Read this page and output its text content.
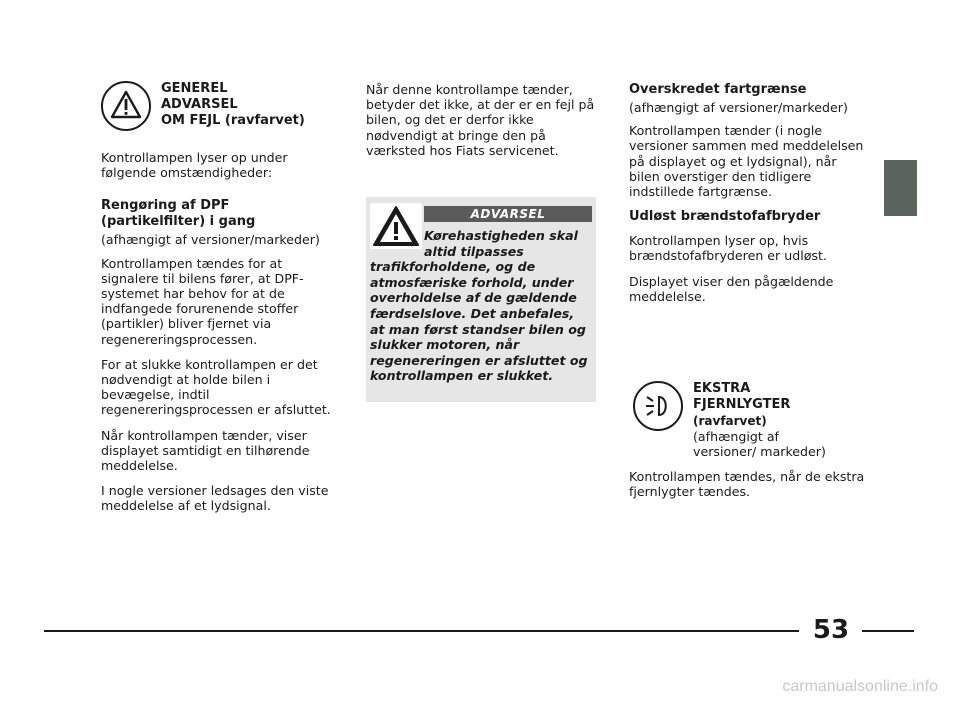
GENEREL
ADVARSEL
OM FEJL (ravfarvet)

Kontrollampen lyser op under følgende omstændigheder:

Rengøring af DPF (partikelfilter) i gang

(afhængigt af versioner/markeder)

Kontrollampen tændes for at signalere til bilens fører, at DPF-systemet har behov for at de indfangede forurenende stoffer (partikler) bliver fjernet via regenereringsprocessen.

For at slukke kontrollampen er det nødvendigt at holde bilen i bevægelse, indtil regenereringsprocessen er afsluttet.

Når kontrollampen tænder, viser displayet samtidigt en tilhørende meddelelse.

I nogle versioner ledsages den viste meddelelse af et lydsignal.

Når denne kontrollampe tænder, betyder det ikke, at der er en fejl på bilen, og det er derfor ikke nødvendigt at bringe den på værksted hos Fiats servicenet.

ADVARSEL
Kørehastigheden skal altid tilpasses
trafikforholdene, og de atmosfæriske forhold, under overholdelse af de gældende færdselslove. Det anbefales, at man først standser bilen og slukker motoren, når regenereringen er afsluttet og kontrollampen er slukket.
Overskredet fartgrænse

(afhængigt af versioner/markeder)

Kontrollampen tænder (i nogle versioner sammen med meddelelsen på displayet og et lydsignal), når bilen overstiger den tidligere indstillede fartgrænse.

Udløst brændstofafbryder

Kontrollampen lyser op, hvis brændstofafbryderen er udløst.

Displayet viser den pågældende meddelelse.

EKSTRA
FJERNLYGTER
(ravfarvet)
(afhængigt af versioner/ markeder)

Kontrollampen tændes, når de ekstra fjernlygter tændes.

53
carmanualsonline.info
